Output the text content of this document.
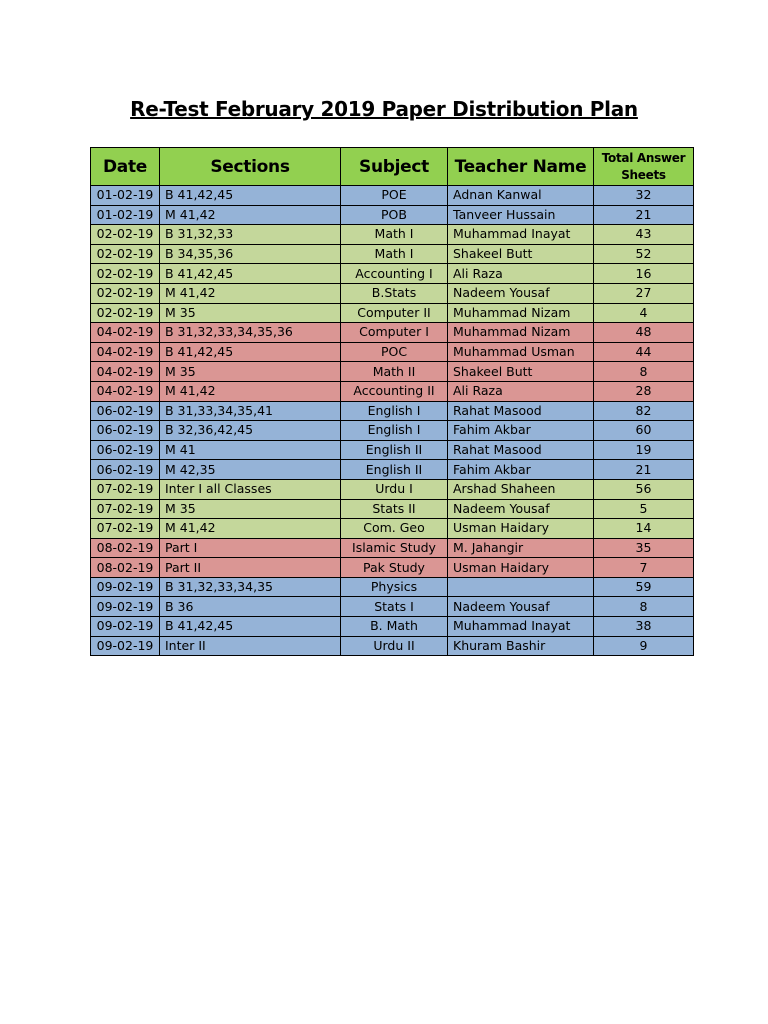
Re-Test February 2019 Paper Distribution Plan
Date	Sections	Subject	Teacher Name	Total Answer Sheets
01-02-19	B 41,42,45	POE	Adnan Kanwal	32
01-02-19	M 41,42	POB	Tanveer Hussain	21
02-02-19	B 31,32,33	Math I	Muhammad Inayat	43
02-02-19	B 34,35,36	Math I	Shakeel Butt	52
02-02-19	B 41,42,45	Accounting I	Ali Raza	16
02-02-19	M 41,42	B.Stats	Nadeem Yousaf	27
02-02-19	M 35	Computer II	Muhammad Nizam	4
04-02-19	B 31,32,33,34,35,36	Computer I	Muhammad Nizam	48
04-02-19	B 41,42,45	POC	Muhammad Usman	44
04-02-19	M 35	Math II	Shakeel Butt	8
04-02-19	M 41,42	Accounting II	Ali Raza	28
06-02-19	B 31,33,34,35,41	English I	Rahat Masood	82
06-02-19	B 32,36,42,45	English I	Fahim Akbar	60
06-02-19	M 41	English II	Rahat Masood	19
06-02-19	M 42,35	English II	Fahim Akbar	21
07-02-19	Inter I all Classes	Urdu I	Arshad Shaheen	56
07-02-19	M 35	Stats II	Nadeem Yousaf	5
07-02-19	M 41,42	Com. Geo	Usman Haidary	14
08-02-19	Part I	Islamic Study	M. Jahangir	35
08-02-19	Part II	Pak Study	Usman Haidary	7
09-02-19	B 31,32,33,34,35	Physics		59
09-02-19	B 36	Stats I	Nadeem Yousaf	8
09-02-19	B 41,42,45	B. Math	Muhammad Inayat	38
09-02-19	Inter II	Urdu II	Khuram Bashir	9
